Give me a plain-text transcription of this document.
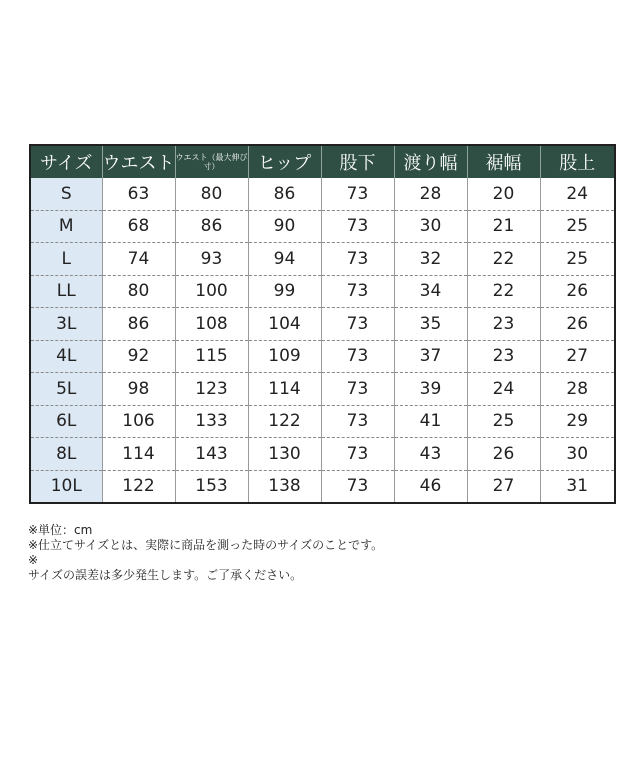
サイズ	ウエスト	ウエスト（最大伸び寸）	ヒップ	股下	渡り幅	裾幅	股上
S	63	80	86	73	28	20	24
M	68	86	90	73	30	21	25
L	74	93	94	73	32	22	25
LL	80	100	99	73	34	22	26
3L	86	108	104	73	35	23	26
4L	92	115	109	73	37	23	27
5L	98	123	114	73	39	24	28
6L	106	133	122	73	41	25	29
8L	114	143	130	73	43	26	30
10L	122	153	138	73	46	27	31
※単位：cm
※仕立てサイズとは、実際に商品を測った時のサイズのことです。
※
サイズの誤差は多少発生します。ご了承ください。
